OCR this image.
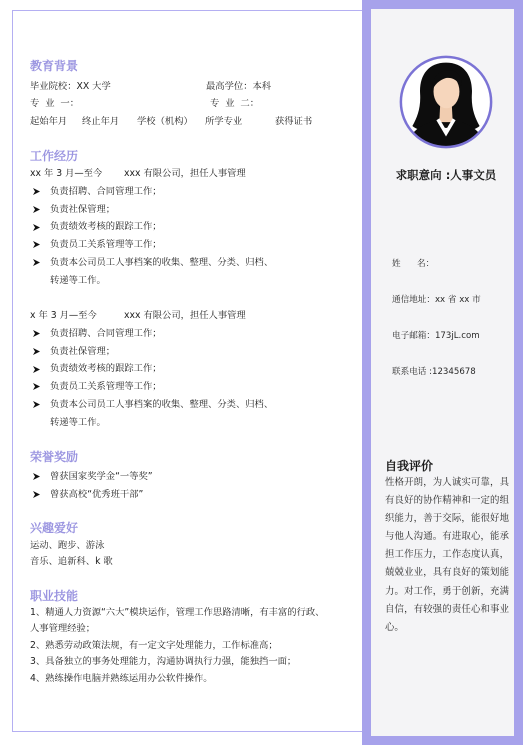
教育背景
毕业院校：XX 大学	最高学位：本科
专  业  一：	专  业  二：
起始年月	终止年月	学校（机构）	所学专业	获得证书
工作经历
xx 年 3 月—至今	xxx 有限公司，担任人事管理
负责招聘、合同管理工作；
负责社保管理；
负责绩效考核的跟踪工作；
负责员工关系管理等工作；
负责本公司员工人事档案的收集、整理、分类、归档、转递等工作。
x 年 3 月—至今	xxx 有限公司，担任人事管理
负责招聘、合同管理工作；
负责社保管理；
负责绩效考核的跟踪工作；
负责员工关系管理等工作；
负责本公司员工人事档案的收集、整理、分类、归档、转递等工作。
荣誉奖励
曾获国家奖学金“一等奖”
曾获高校“优秀班干部”
兴趣爱好
运动、跑步、游泳
音乐、追新科、k 歌
职业技能
1、精通人力资源“六大”模块运作，管理工作思路清晰，有丰富的行政、人事管理经验；
2、熟悉劳动政策法规，有一定文字处理能力，工作标准高；
3、具备独立的事务处理能力，沟通协调执行力强，能独挡一面；
4、熟练操作电脑并熟练运用办公软件操作。
求职意向 :人事文员
姓      名：
通信地址：xx 省 xx 市
电子邮箱：173jL.com
联系电话 :12345678
自我评价
性格开朗，为人诚实可靠，具有良好的协作精神和一定的组织能力，善于交际，能很好地与他人沟通。有进取心，能承担工作压力，工作态度认真，兢兢业业，具有良好的策划能力。对工作，勇于创新，充满自信，有较强的责任心和事业心。
